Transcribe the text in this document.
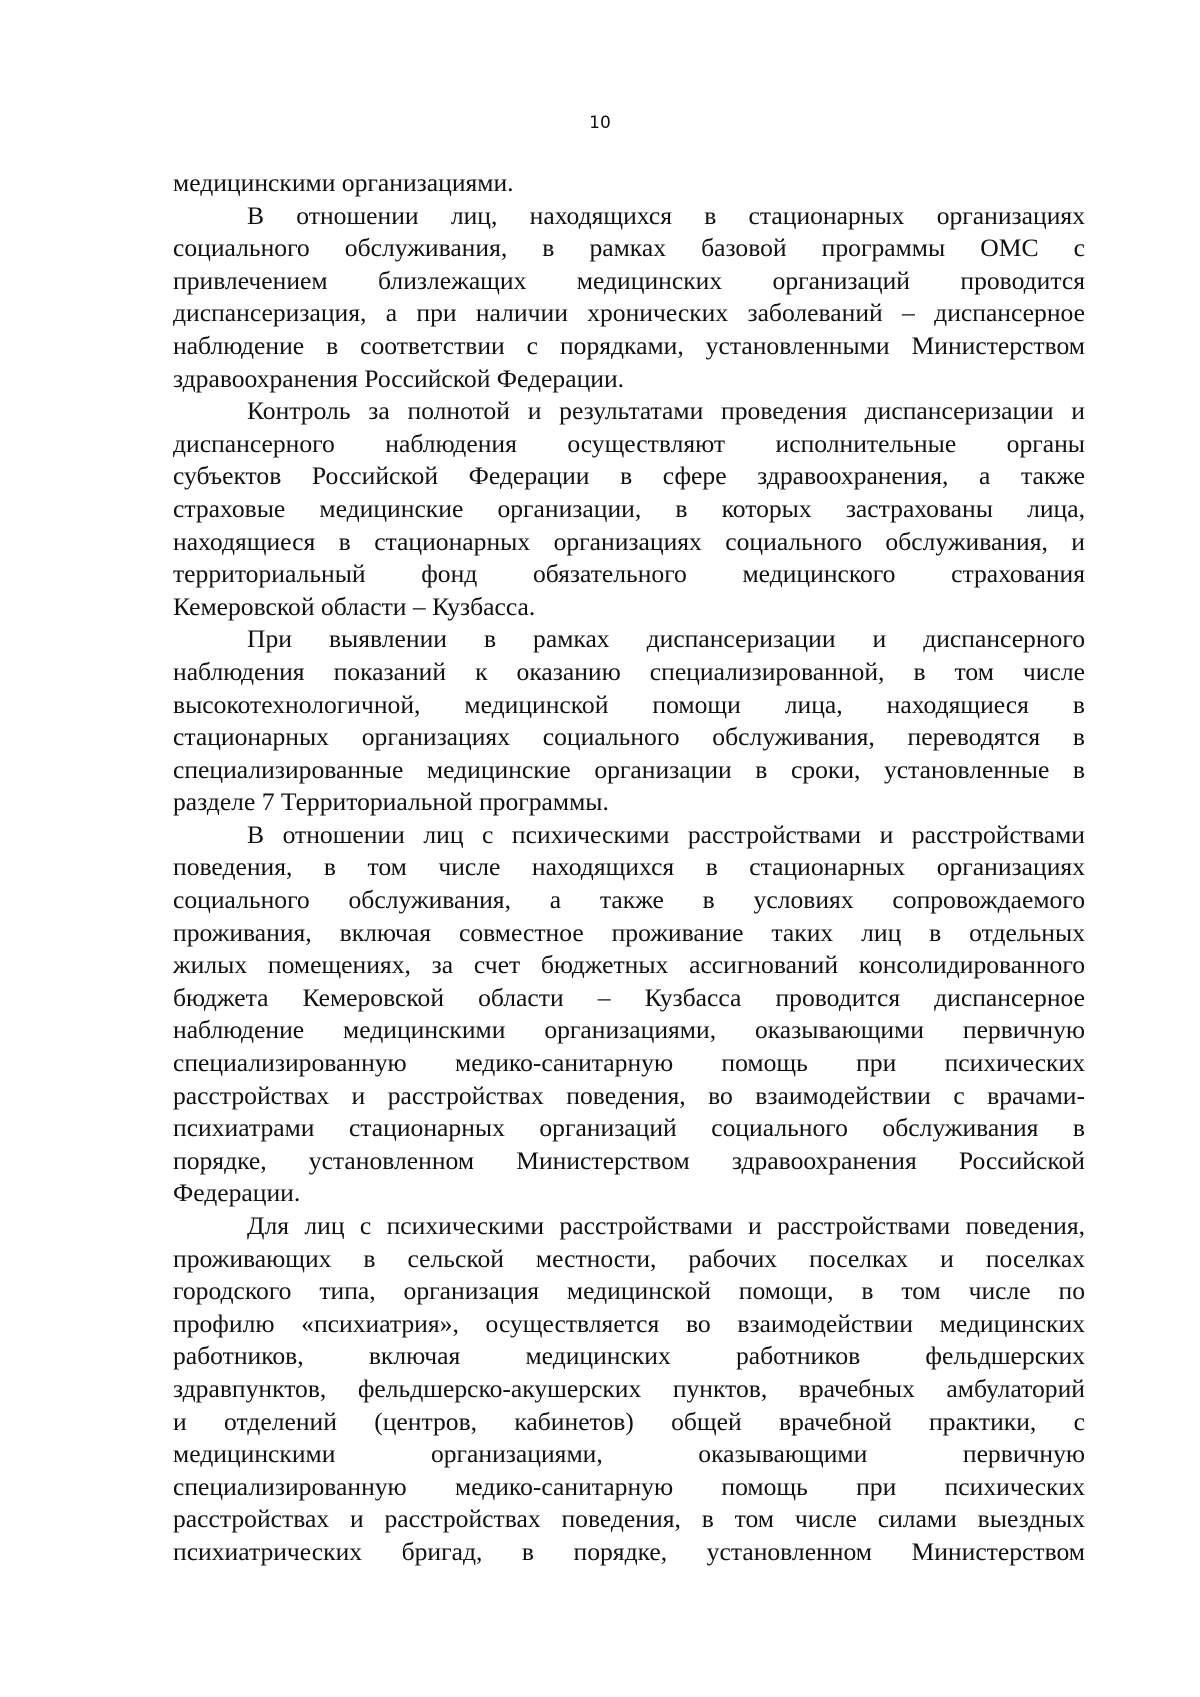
10

медицинскими организациями.

В отношении лиц, находящихся в стационарных организациях
социального обслуживания, в рамках базовой программы ОМС с
привлечением близлежащих медицинских организаций проводится
диспансеризация, а при наличии хронических заболеваний – диспансерное
наблюдение в соответствии с порядками, установленными Министерством
здравоохранения Российской Федерации.

Контроль за полнотой и результатами проведения диспансеризации и
диспансерного наблюдения осуществляют исполнительные органы
субъектов Российской Федерации в сфере здравоохранения, а также
страховые медицинские организации, в которых застрахованы лица,
находящиеся в стационарных организациях социального обслуживания, и
территориальный фонд обязательного медицинского страхования
Кемеровской области – Кузбасса.

При выявлении в рамках диспансеризации и диспансерного
наблюдения показаний к оказанию специализированной, в том числе
высокотехнологичной, медицинской помощи лица, находящиеся в
стационарных организациях социального обслуживания, переводятся в
специализированные медицинские организации в сроки, установленные в
разделе 7 Территориальной программы.

В отношении лиц с психическими расстройствами и расстройствами
поведения, в том числе находящихся в стационарных организациях
социального обслуживания, а также в условиях сопровождаемого
проживания, включая совместное проживание таких лиц в отдельных
жилых помещениях, за счет бюджетных ассигнований консолидированного
бюджета Кемеровской области – Кузбасса проводится диспансерное
наблюдение медицинскими организациями, оказывающими первичную
специализированную медико-санитарную помощь при психических
расстройствах и расстройствах поведения, во взаимодействии с врачами-
психиатрами стационарных организаций социального обслуживания в
порядке, установленном Министерством здравоохранения Российской
Федерации.

Для лиц с психическими расстройствами и расстройствами поведения,
проживающих в сельской местности, рабочих поселках и поселках
городского типа, организация медицинской помощи, в том числе по
профилю «психиатрия», осуществляется во взаимодействии медицинских
работников, включая медицинских работников фельдшерских
здравпунктов, фельдшерско-акушерских пунктов, врачебных амбулаторий
и отделений (центров, кабинетов) общей врачебной практики, с
медицинскими организациями, оказывающими первичную
специализированную медико-санитарную помощь при психических
расстройствах и расстройствах поведения, в том числе силами выездных
психиатрических бригад, в порядке, установленном Министерством
